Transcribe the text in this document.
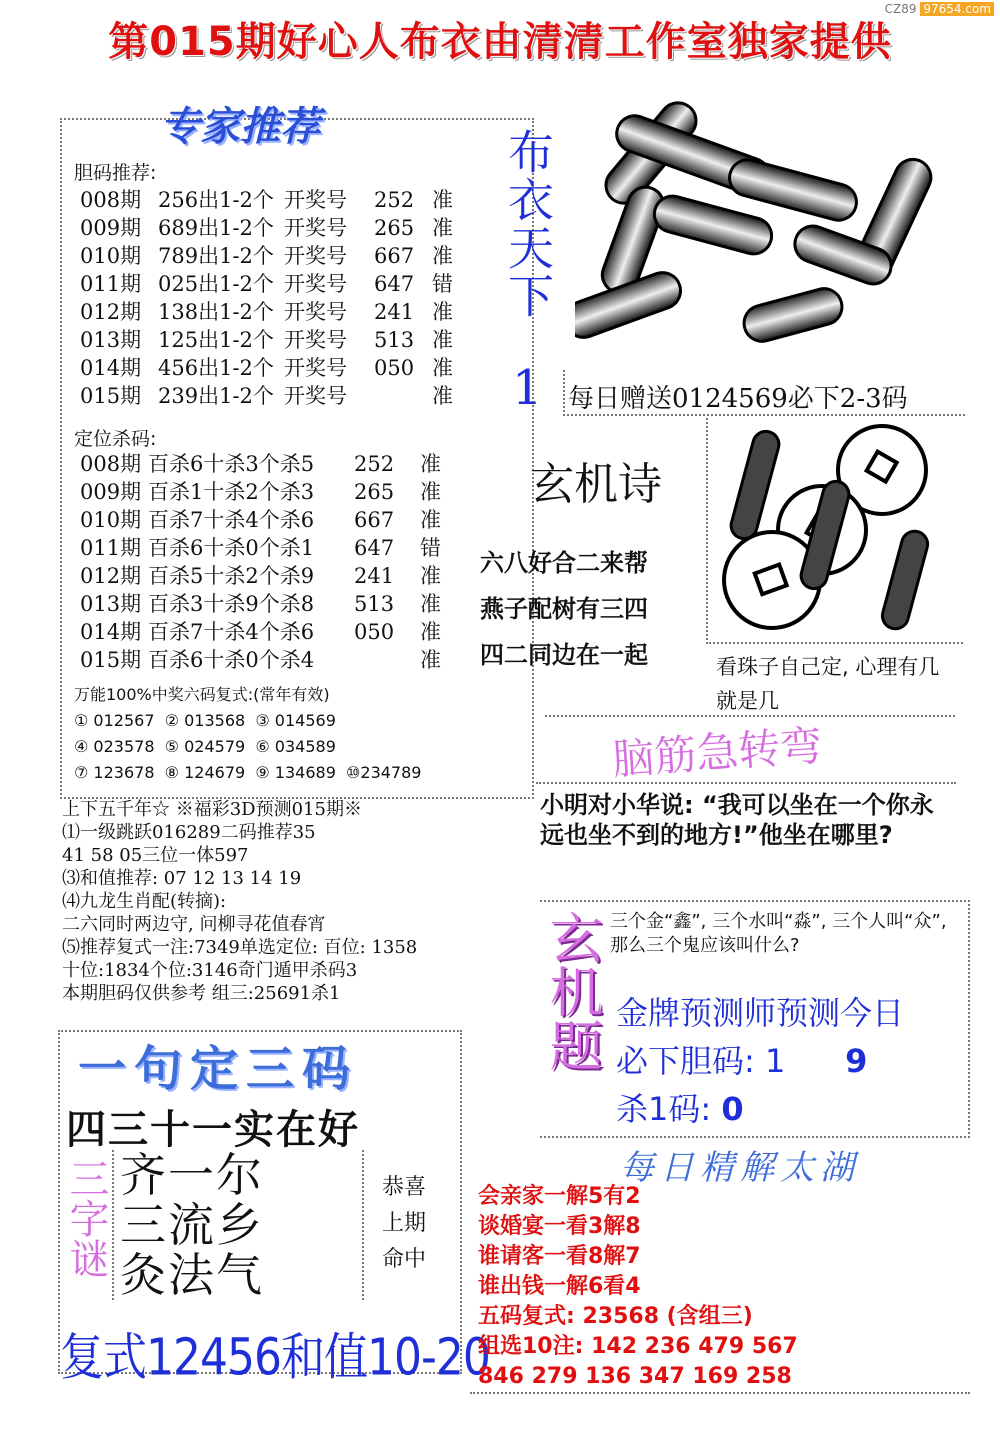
第015期好心人布衣由清清工作室独家提供
CZ89 97654.com
专家推荐
胆码推荐:
008期 256出1-2个 开奖号 252 准
009期 689出1-2个 开奖号 265 准
010期 789出1-2个 开奖号 667 准
011期 025出1-2个 开奖号 647 错
012期 138出1-2个 开奖号 241 准
013期 125出1-2个 开奖号 513 准
014期 456出1-2个 开奖号 050 准
015期 239出1-2个 开奖号	准
定位杀码:
008期 百杀6十杀3个杀5 252 准
009期 百杀1十杀2个杀3 265 准
010期 百杀7十杀4个杀6 667 准
011期 百杀6十杀0个杀1 647 错
012期 百杀5十杀2个杀9 241 准
013期 百杀3十杀9个杀8 513 准
014期 百杀7十杀4个杀6 050 准
015期 百杀6十杀0个杀4	准
万能100%中奖六码复式:(常年有效)
① 012567  ② 013568  ③ 014569
④ 023578  ⑤ 024579  ⑥ 034589
⑦ 123678  ⑧ 124679  ⑨ 134689  ⑩234789
上下五千年☆ ※福彩3D预测015期※
⑴一级跳跃016289二码推荐35
41 58 05三位一体597
⑶和值推荐: 07 12 13 14 19
⑷九龙生肖配(转摘):
二六同时两边守, 问柳寻花值春宵
⑸推荐复式一注:7349单选定位: 百位: 1358
十位:1834个位:3146奇门遁甲杀码3
本期胆码仅供参考 组三:25691杀1
布衣天下
1 每日赠送0124569必下2-3码
玄机诗
六八好合二来帮
燕子配树有三四
四二同边在一起	看珠子自己定, 心理有几就是几
脑筋急转弯
小明对小华说: “我可以坐在一个你永远也坐不到的地方!”他坐在哪里?
玄机题 三个金“鑫”, 三个水叫“淼”, 三个人叫“众”, 那么三个鬼应该叫什么?
金牌预测师预测今日
必下胆码: 1 9
杀1码: 0
一句定三码
四三十一实在好
三字谜 齐一尔
三流乡
灸法气
恭喜
上期
命中
复式12456和值10-20
每日精解太湖
会亲家一解5有2
谈婚宴一看3解8
谁请客一看8解7
谁出钱一解6看4
五码复式: 23568 (含组三)
组选10注: 142 236 479 567
846 279 136 347 169 258
